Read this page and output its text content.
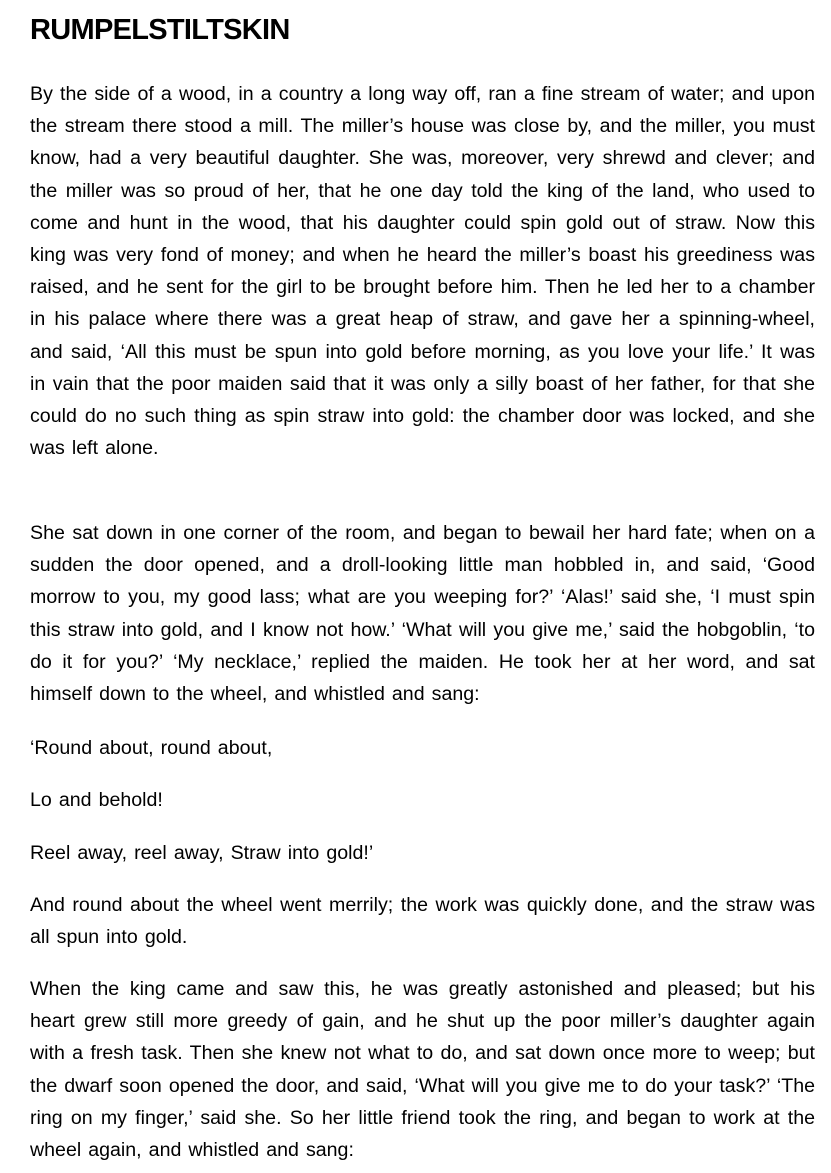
RUMPELSTILTSKIN

By the side of a wood, in a country a long way off, ran a fine stream of water; and upon the stream there stood a mill. The miller’s house was close by, and the miller, you must know, had a very beautiful daughter. She was, moreover, very shrewd and clever; and the miller was so proud of her, that he one day told the king of the land, who used to come and hunt in the wood, that his daughter could spin gold out of straw. Now this king was very fond of money; and when he heard the miller’s boast his greediness was raised, and he sent for the girl to be brought before him. Then he led her to a chamber in his palace where there was a great heap of straw, and gave her a spinning-wheel, and said, ‘All this must be spun into gold before morning, as you love your life.’ It was in vain that the poor maiden said that it was only a silly boast of her father, for that she could do no such thing as spin straw into gold: the chamber door was locked, and she was left alone.

She sat down in one corner of the room, and began to bewail her hard fate; when on a sudden the door opened, and a droll-looking little man hobbled in, and said, ‘Good morrow to you, my good lass; what are you weeping for?’ ‘Alas!’ said she, ‘I must spin this straw into gold, and I know not how.’ ‘What will you give me,’ said the hobgoblin, ‘to do it for you?’ ‘My necklace,’ replied the maiden. He took her at her word, and sat himself down to the wheel, and whistled and sang:

‘Round about, round about,

Lo and behold!

Reel away, reel away, Straw into gold!’

And round about the wheel went merrily; the work was quickly done, and the straw was all spun into gold.

When the king came and saw this, he was greatly astonished and pleased; but his heart grew still more greedy of gain, and he shut up the poor miller’s daughter again with a fresh task. Then she knew not what to do, and sat down once more to weep; but the dwarf soon opened the door, and said, ‘What will you give me to do your task?’ ‘The ring on my finger,’ said she. So her little friend took the ring, and began to work at the wheel again, and whistled and sang:
